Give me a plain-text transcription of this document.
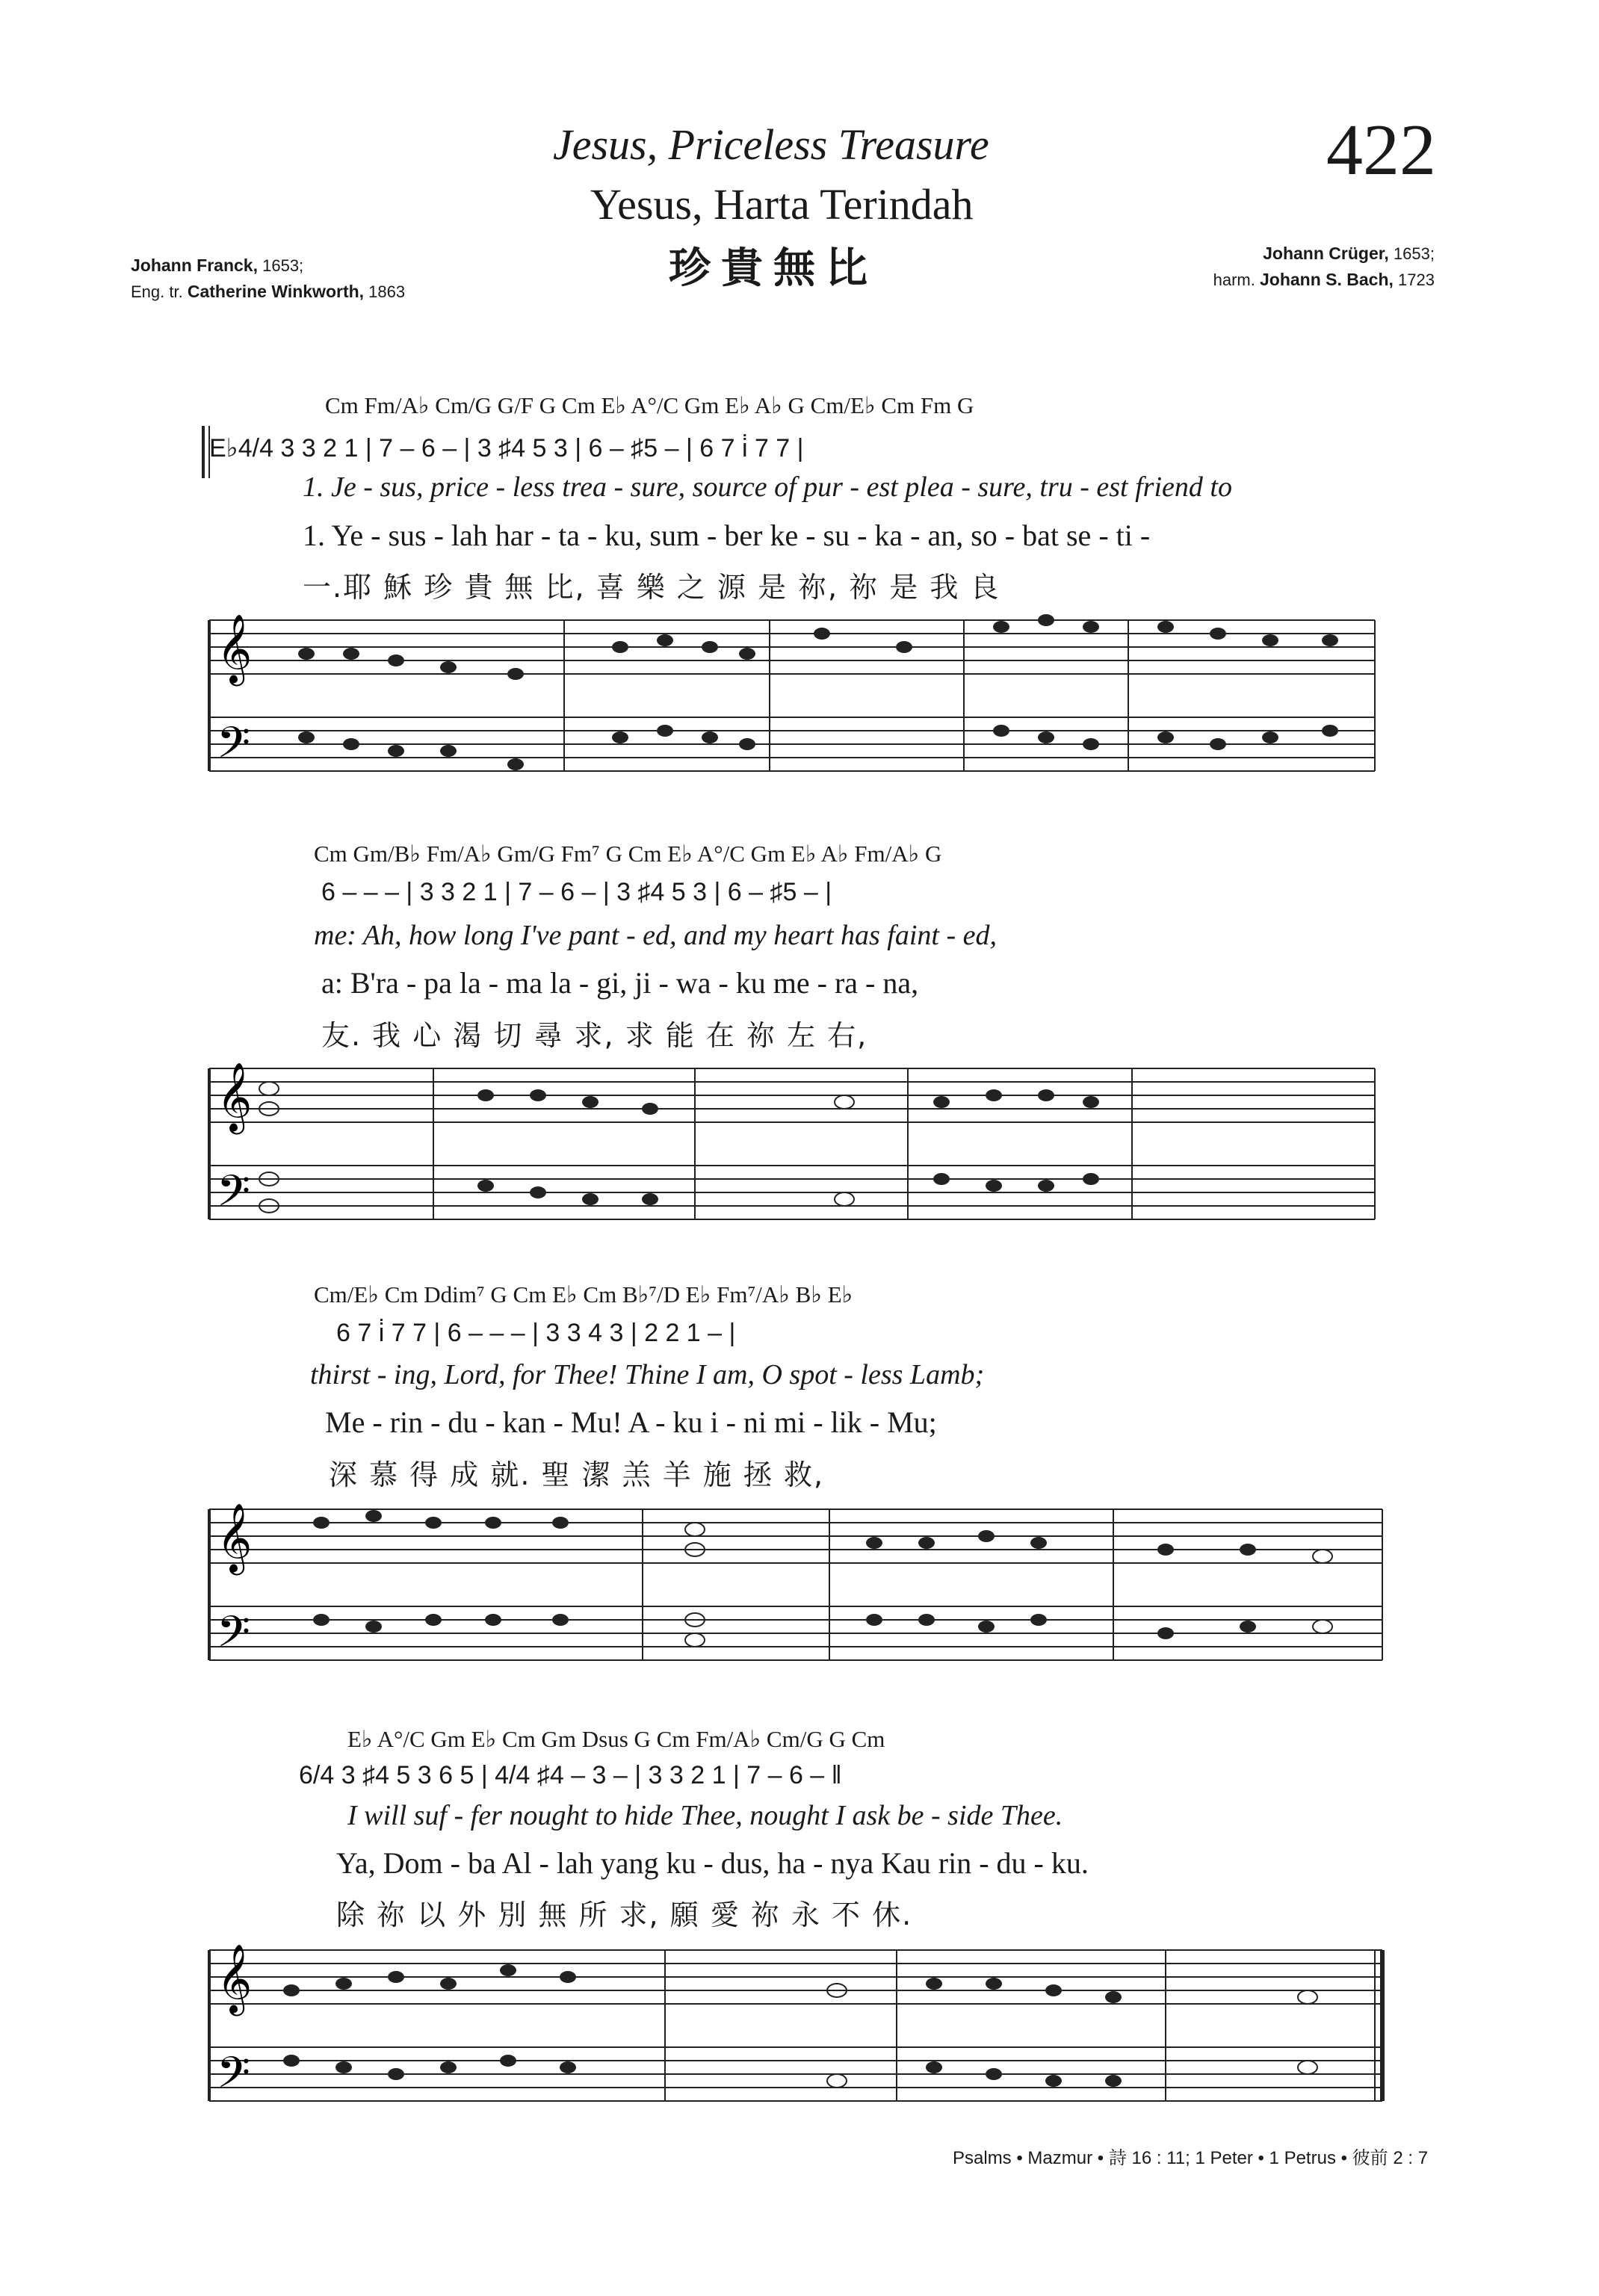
Jesus, Priceless Treasure
Yesus, Harta Terindah
珍貴無比
422
Johann Franck, 1653;
Eng. tr. Catherine Winkworth, 1863
Johann Crüger, 1653;
harm. Johann S. Bach, 1723
Cm Fm/A♭ Cm/G G/F G Cm E♭ A°/C Gm E♭ A♭ G Cm/E♭ Cm Fm G
E♭4/4 3 3 2 1 | 7 – 6 – | 3 ♯4 5 3 | 6 – ♯5 – | 6 7 i̇ 7 7 |
1. Je - sus, price - less trea - sure, source of pur - est plea - sure, tru - est friend to
1. Ye - sus - lah har - ta - ku, sum - ber ke - su - ka - an, so - bat se - ti -
一.耶 穌 珍 貴 無 比, 喜 樂 之 源 是 祢, 祢 是 我 良
𝄞
𝄢
Cm Gm/B♭ Fm/A♭ Gm/G Fm⁷ G Cm E♭ A°/C Gm E♭ A♭ Fm/A♭ G
6 – – – | 3 3 2 1 | 7 – 6 – | 3 ♯4 5 3 | 6 – ♯5 – |
me: Ah, how long I've pant - ed, and my heart has faint - ed,
a: B'ra - pa la - ma la - gi, ji - wa - ku me - ra - na,
友. 我 心 渴 切 尋 求, 求 能 在 祢 左 右,
𝄞
𝄢
Cm/E♭ Cm Ddim⁷ G Cm E♭ Cm B♭⁷/D E♭ Fm⁷/A♭ B♭ E♭
6 7 i̇ 7 7 | 6 – – – | 3 3 4 3 | 2 2 1 – |
thirst - ing, Lord, for Thee! Thine I am, O spot - less Lamb;
Me - rin - du - kan - Mu! A - ku i - ni mi - lik - Mu;
深 慕 得 成 就. 聖 潔 羔 羊 施 拯 救,
𝄞
𝄢
E♭ A°/C Gm E♭ Cm Gm Dsus G Cm Fm/A♭ Cm/G G Cm
6/4 3 ♯4 5 3 6 5 | 4/4 ♯4 – 3 – | 3 3 2 1 | 7 – 6 – ‖
I will suf - fer nought to hide Thee, nought I ask be - side Thee.
Ya, Dom - ba Al - lah yang ku - dus, ha - nya Kau rin - du - ku.
除 祢 以 外 別 無 所 求, 願 愛 祢 永 不 休.
𝄞
𝄢
Psalms • Mazmur • 詩 16 : 11; 1 Peter • 1 Petrus • 彼前 2 : 7
